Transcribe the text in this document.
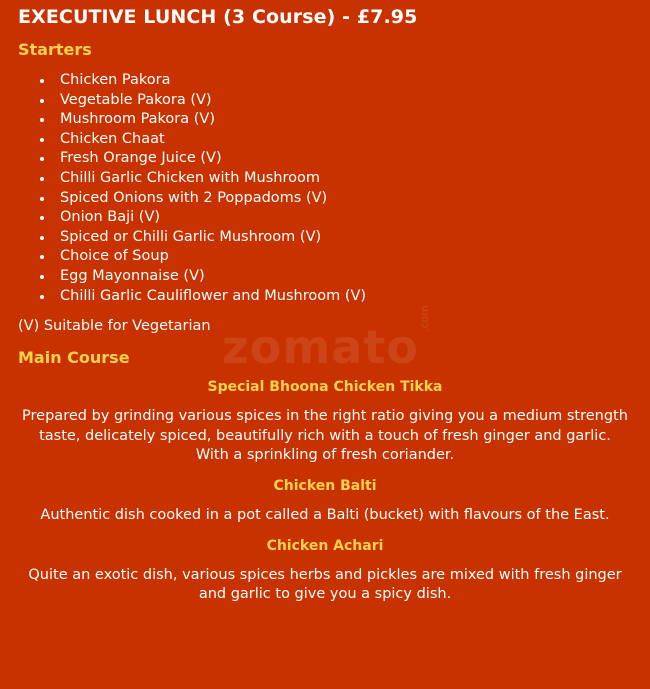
EXECUTIVE LUNCH (3 Course) - £7.95
Starters
Chicken Pakora
Vegetable Pakora (V)
Mushroom Pakora (V)
Chicken Chaat
Fresh Orange Juice (V)
Chilli Garlic Chicken with Mushroom
Spiced Onions with 2 Poppadoms (V)
Onion Baji (V)
Spiced or Chilli Garlic Mushroom (V)
Choice of Soup
Egg Mayonnaise (V)
Chilli Garlic Cauliflower and Mushroom (V)
(V) Suitable for Vegetarian
Main Course
Special Bhoona Chicken Tikka
Prepared by grinding various spices in the right ratio giving you a medium strength taste, delicately spiced, beautifully rich with a touch of fresh ginger and garlic. With a sprinkling of fresh coriander.
Chicken Balti
Authentic dish cooked in a pot called a Balti (bucket) with flavours of the East.
Chicken Achari
Quite an exotic dish, various spices herbs and pickles are mixed with fresh ginger and garlic to give you a spicy dish.
zomato
.com
